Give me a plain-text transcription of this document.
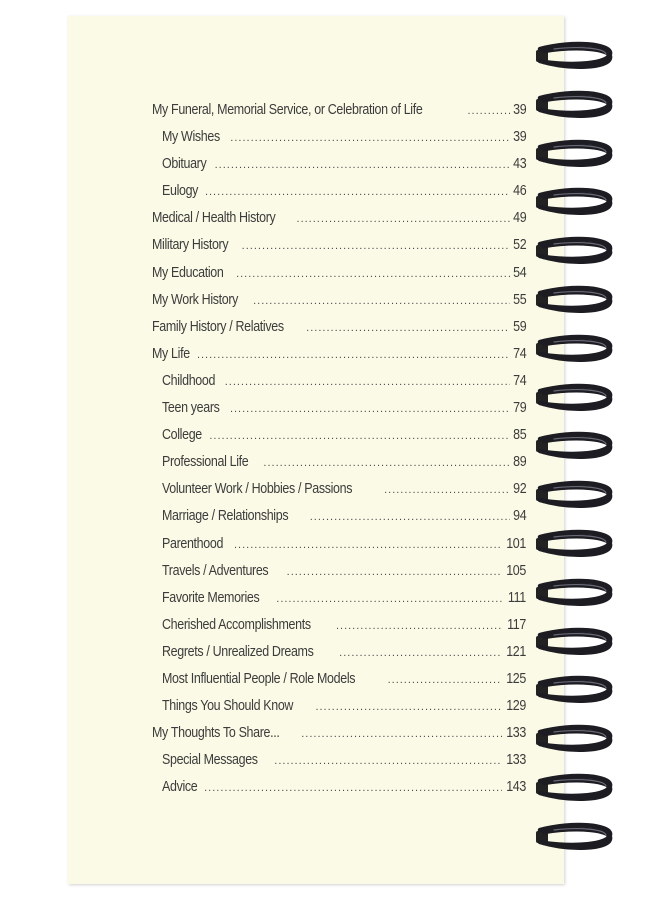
My Funeral, Memorial Service, or Celebration of Life .....	39
My Wishes .....	39
Obituary .....	43
Eulogy .....	46
Medical / Health History .....	49
Military History .....	52
My Education .....	54
My Work History .....	55
Family History / Relatives .....	59
My Life .....	74
Childhood .....	74
Teen years .....	79
College .....	85
Professional Life .....	89
Volunteer Work / Hobbies / Passions .....	92
Marriage / Relationships .....	94
Parenthood .....	101
Travels / Adventures .....	105
Favorite Memories .....	111
Cherished Accomplishments .....	117
Regrets / Unrealized Dreams .....	121
Most Influential People / Role Models .....	125
Things You Should Know .....	129
My Thoughts To Share... .....	133
Special Messages .....	133
Advice .....	143
